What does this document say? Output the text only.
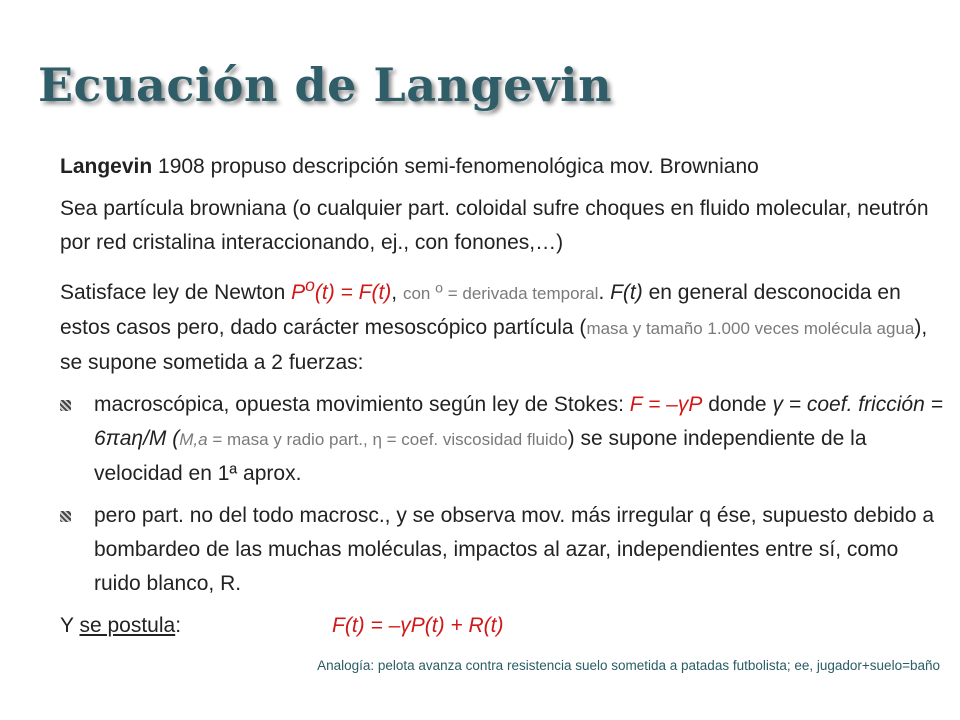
Ecuación de Langevin

Langevin 1908 propuso descripción semi-fenomenológica mov. Browniano

Sea partícula browniana (o cualquier part. coloidal sufre choques en fluido molecular, neutrón por red cristalina interaccionando, ej., con fonones,…)

Satisface ley de Newton $P^o(t) = F(t)$, con $^o$ = derivada temporal. F(t) en general desconocida en estos casos pero, dado carácter mesoscópico partícula (masa y tamaño 1.000 veces molécula agua), se supone sometida a 2 fuerzas:

macroscópica, opuesta movimiento según ley de Stokes: F = –γP donde γ = coef. fricción = 6πaη/M (M,a = masa y radio part., η = coef. viscosidad fluido) se supone independiente de la velocidad en 1ª aprox.
pero part. no del todo macrosc., y se observa mov. más irregular q ése, supuesto debido a bombardeo de las muchas moléculas, impactos al azar, independientes entre sí, como ruido blanco, R.
Y se postula:	F(t) = –γP(t) + R(t)
Analogía: pelota avanza contra resistencia suelo sometida a patadas futbolista; ee, jugador+suelo=baño
